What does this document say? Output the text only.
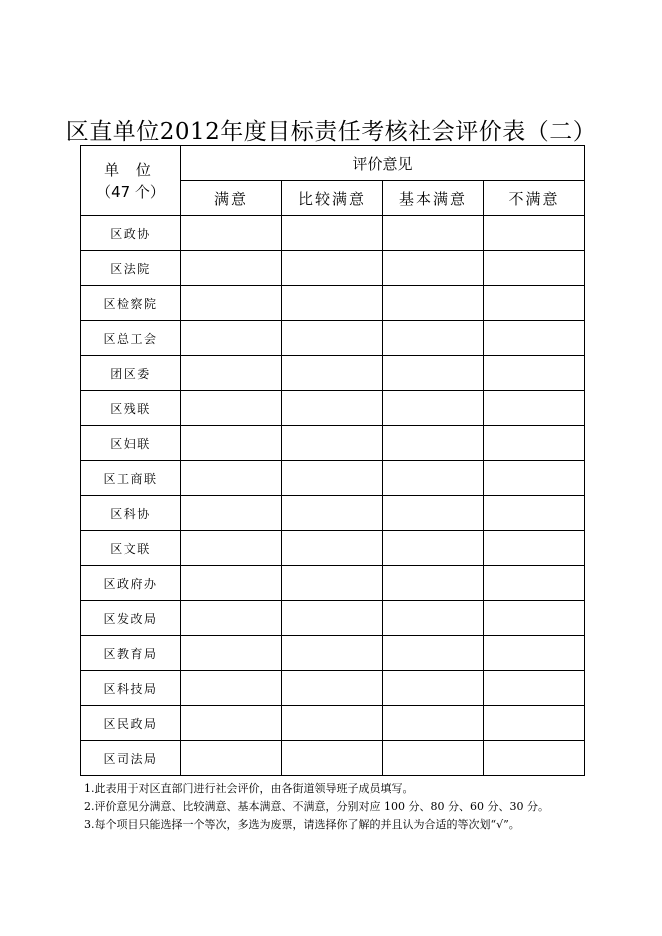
区直单位2012年度目标责任考核社会评价表（二）
单 位
（47 个）	评价意见			
	满意	比较满意	基本满意	不满意
区政协				
区法院				
区检察院				
区总工会				
团区委				
区残联				
区妇联				
区工商联				
区科协				
区文联				
区政府办				
区发改局				
区教育局				
区科技局				
区民政局				
区司法局				
1.此表用于对区直部门进行社会评价，由各街道领导班子成员填写。
2.评价意见分满意、比较满意、基本满意、不满意，分别对应 100 分、80 分、60 分、30 分。
3.每个项目只能选择一个等次，多选为废票，请选择你了解的并且认为合适的等次划“√”。
